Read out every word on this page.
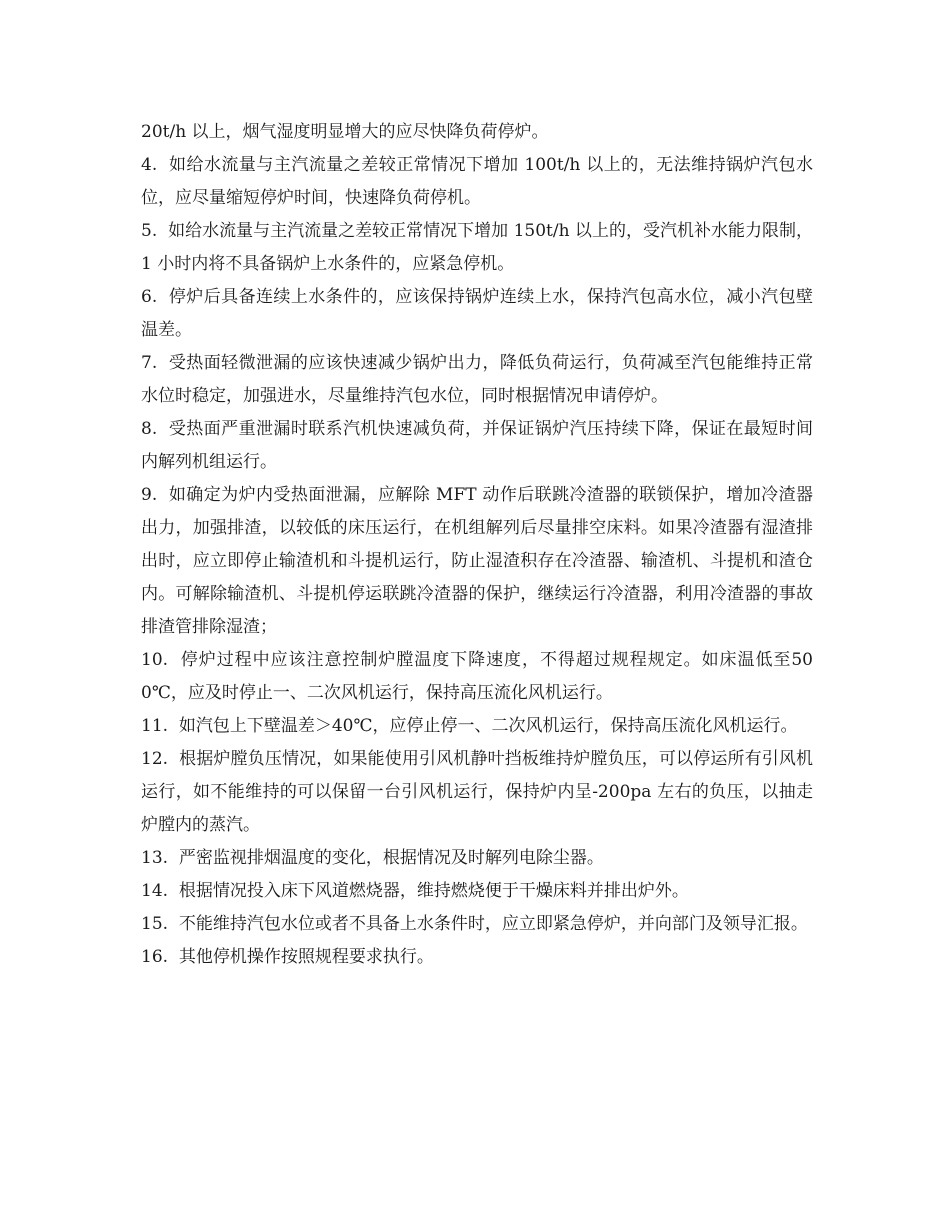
20t/h 以上，烟气湿度明显增大的应尽快降负荷停炉。

4. 如给水流量与主汽流量之差较正常情况下增加 100t/h 以上的，无法维持锅炉汽包水位，应尽量缩短停炉时间，快速降负荷停机。

5. 如给水流量与主汽流量之差较正常情况下增加 150t/h 以上的，受汽机补水能力限制，1 小时内将不具备锅炉上水条件的，应紧急停机。

6. 停炉后具备连续上水条件的，应该保持锅炉连续上水，保持汽包高水位，减小汽包壁温差。

7. 受热面轻微泄漏的应该快速减少锅炉出力，降低负荷运行，负荷减至汽包能维持正常水位时稳定，加强进水，尽量维持汽包水位，同时根据情况申请停炉。

8. 受热面严重泄漏时联系汽机快速减负荷，并保证锅炉汽压持续下降，保证在最短时间内解列机组运行。

9. 如确定为炉内受热面泄漏，应解除 MFT 动作后联跳冷渣器的联锁保护，增加冷渣器出力，加强排渣，以较低的床压运行，在机组解列后尽量排空床料。如果冷渣器有湿渣排出时，应立即停止输渣机和斗提机运行，防止湿渣积存在冷渣器、输渣机、斗提机和渣仓内。可解除输渣机、斗提机停运联跳冷渣器的保护，继续运行冷渣器，利用冷渣器的事故排渣管排除湿渣；

10. 停炉过程中应该注意控制炉膛温度下降速度，不得超过规程规定。如床温低至500℃，应及时停止一、二次风机运行，保持高压流化风机运行。

11. 如汽包上下壁温差＞40℃，应停止停一、二次风机运行，保持高压流化风机运行。

12. 根据炉膛负压情况，如果能使用引风机静叶挡板维持炉膛负压，可以停运所有引风机运行，如不能维持的可以保留一台引风机运行，保持炉内呈-200pa 左右的负压，以抽走炉膛内的蒸汽。

13. 严密监视排烟温度的变化，根据情况及时解列电除尘器。

14. 根据情况投入床下风道燃烧器，维持燃烧便于干燥床料并排出炉外。

15. 不能维持汽包水位或者不具备上水条件时，应立即紧急停炉，并向部门及领导汇报。

16. 其他停机操作按照规程要求执行。
